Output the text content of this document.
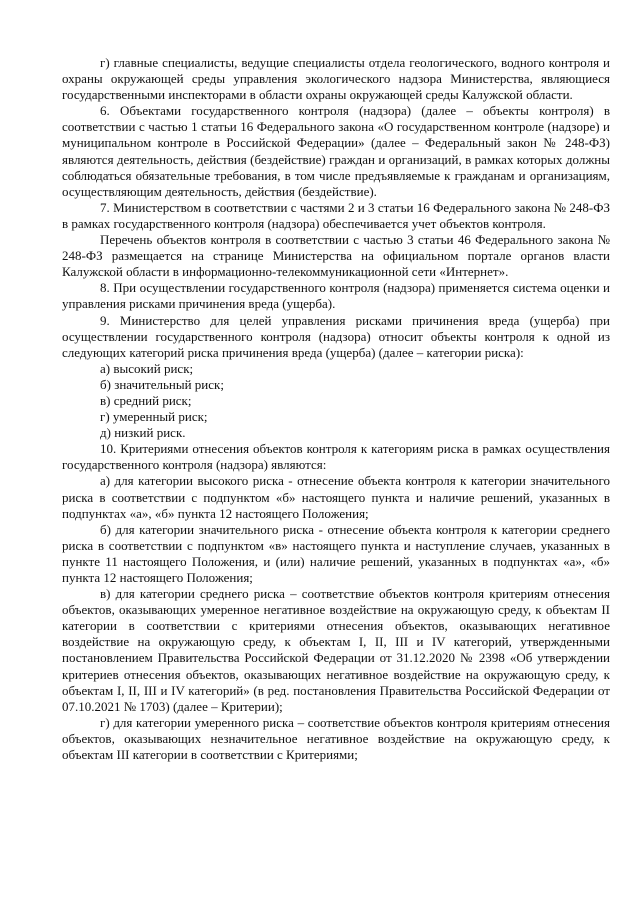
г) главные специалисты, ведущие специалисты отдела геологического, водного контроля и охраны окружающей среды управления экологического надзора Министерства, являющиеся государственными инспекторами в области охраны окружающей среды Калужской области.

6. Объектами государственного контроля (надзора) (далее – объекты контроля) в соответствии с частью 1 статьи 16 Федерального закона «О государственном контроле (надзоре) и муниципальном контроле в Российской Федерации» (далее – Федеральный закон № 248-ФЗ) являются деятельность, действия (бездействие) граждан и организаций, в рамках которых должны соблюдаться обязательные требования, в том числе предъявляемые к гражданам и организациям, осуществляющим деятельность, действия (бездействие).

7. Министерством в соответствии с частями 2 и 3 статьи 16 Федерального закона № 248-ФЗ в рамках государственного контроля (надзора) обеспечивается учет объектов контроля.

Перечень объектов контроля в соответствии с частью 3 статьи 46 Федерального закона № 248-ФЗ размещается на странице Министерства на официальном портале органов власти Калужской области в информационно-телекоммуникационной сети «Интернет».

8. При осуществлении государственного контроля (надзора) применяется система оценки и управления рисками причинения вреда (ущерба).

9. Министерство для целей управления рисками причинения вреда (ущерба) при осуществлении государственного контроля (надзора) относит объекты контроля к одной из следующих категорий риска причинения вреда (ущерба) (далее – категории риска):

а) высокий риск;

б) значительный риск;

в) средний риск;

г) умеренный риск;

д) низкий риск.

10. Критериями отнесения объектов контроля к категориям риска в рамках осуществления государственного контроля (надзора) являются:

а) для категории высокого риска - отнесение объекта контроля к категории значительного риска в соответствии с подпунктом «б» настоящего пункта и наличие решений, указанных в подпунктах «а», «б» пункта 12 настоящего Положения;

б) для категории значительного риска - отнесение объекта контроля к категории среднего риска в соответствии с подпунктом «в» настоящего пункта и наступление случаев, указанных в пункте 11 настоящего Положения, и (или) наличие решений, указанных в подпунктах «а», «б» пункта 12 настоящего Положения;

в) для категории среднего риска – соответствие объектов контроля критериям отнесения объектов, оказывающих умеренное негативное воздействие на окружающую среду, к объектам II категории в соответствии с критериями отнесения объектов, оказывающих негативное воздействие на окружающую среду, к объектам I, II, III и IV категорий, утвержденными постановлением Правительства Российской Федерации от 31.12.2020 № 2398 «Об утверждении критериев отнесения объектов, оказывающих негативное воздействие на окружающую среду, к объектам I, II, III и IV категорий» (в ред. постановления Правительства Российской Федерации от 07.10.2021 № 1703) (далее – Критерии);

г) для категории умеренного риска – соответствие объектов контроля критериям отнесения объектов, оказывающих незначительное негативное воздействие на окружающую среду, к объектам III категории в соответствии с Критериями;
